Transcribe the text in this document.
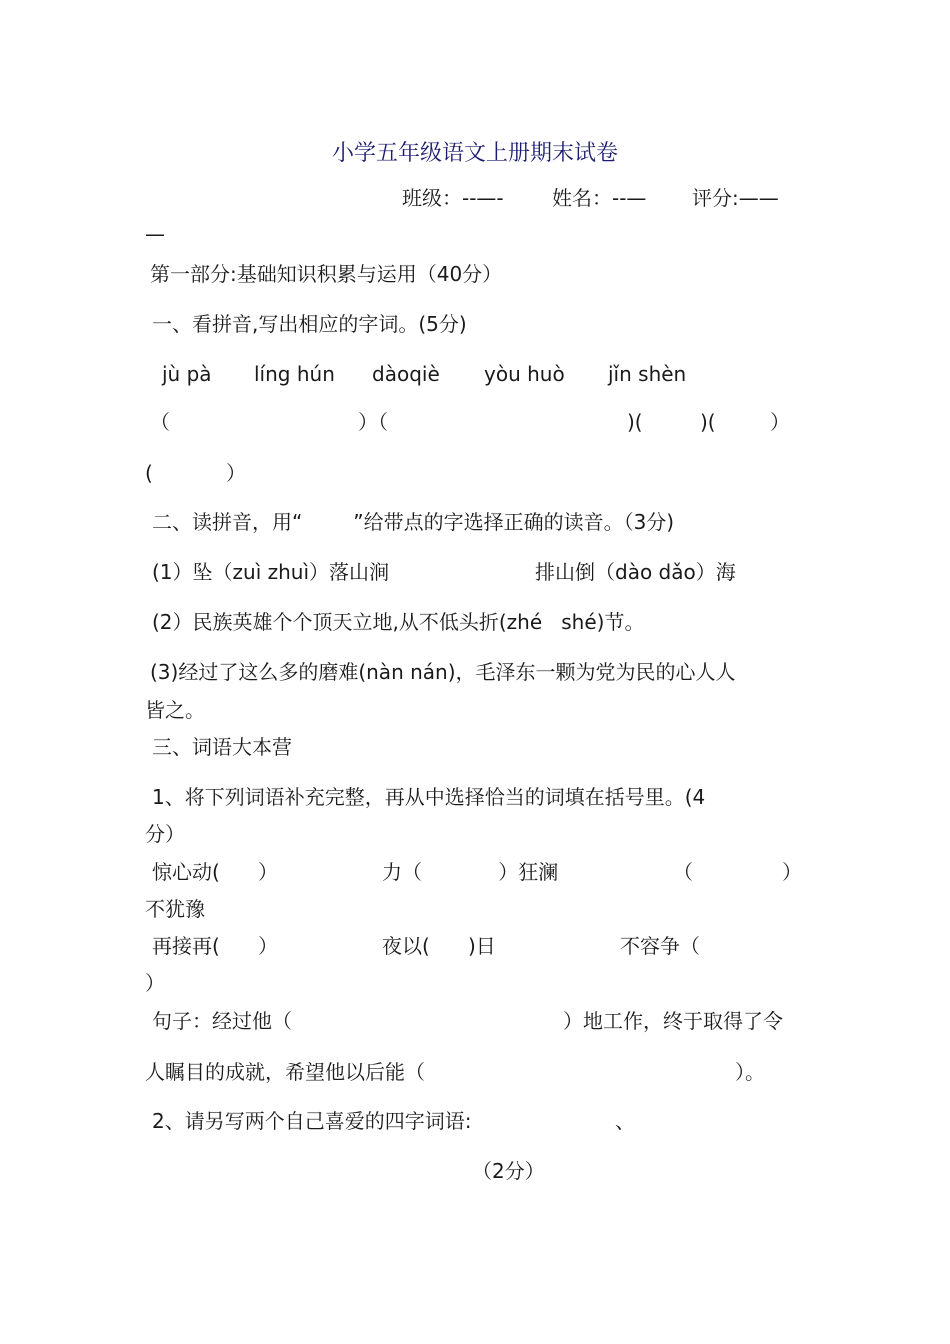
小学五年级语文上册期末试卷
班级：--—- 姓名：--— 评分:——
—
第一部分:基础知识积累与运用（40分）
一、看拼音,写出相应的字词。(5分)
jù pà líng hún dàoqiè yòu huò jǐn shèn
（	）（	)(	)(	）
(	）
二、读拼音，用“        ”给带点的字选择正确的读音。（3分)
(1）坠（zuì zhuì）落山涧	排山倒（dào dǎo）海
(2）民族英雄个个顶天立地,从不低头折(zhé   shé)节。
(3)经过了这么多的磨难(nàn nán)，毛泽东一颗为党为民的心人人
皆之。
三、词语大本营
1、将下列词语补充完整，再从中选择恰当的词填在括号里。(4
分）
惊心动(      ）	力（            ）狂澜	（              ）
不犹豫
再接再(      ）	夜以(      )日	不容争（
）
句子：经过他（	）地工作，终于取得了令
人瞩目的成就，希望他以后能（	）。
2、请另写两个自己喜爱的四字词语:	、
（2分）
